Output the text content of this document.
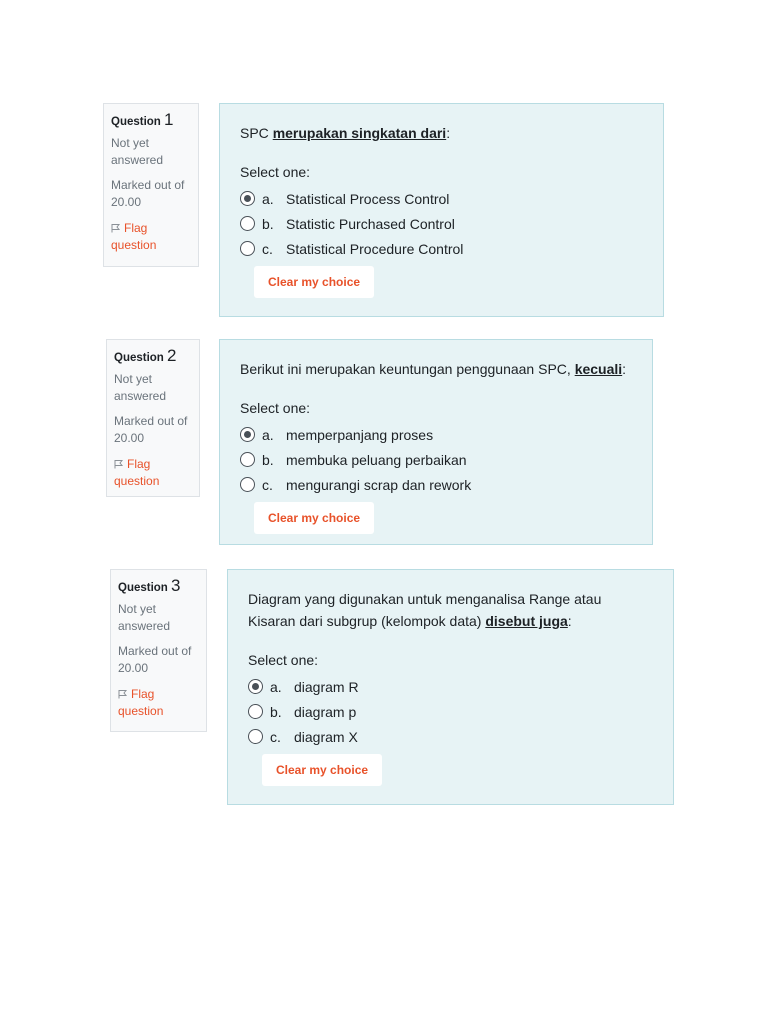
Question 1
Not yet answered
Marked out of 20.00
Flag question
SPC merupakan singkatan dari:
Select one:
a. Statistical Process Control
b. Statistic Purchased Control
c. Statistical Procedure Control
Clear my choice
Question 2
Not yet answered
Marked out of 20.00
Flag question
Berikut ini merupakan keuntungan penggunaan SPC, kecuali:
Select one:
a. memperpanjang proses
b. membuka peluang perbaikan
c. mengurangi scrap dan rework
Clear my choice
Question 3
Not yet answered
Marked out of 20.00
Flag question
Diagram yang digunakan untuk menganalisa Range atau Kisaran dari subgrup (kelompok data) disebut juga:
Select one:
a. diagram R
b. diagram p
c. diagram X
Clear my choice
